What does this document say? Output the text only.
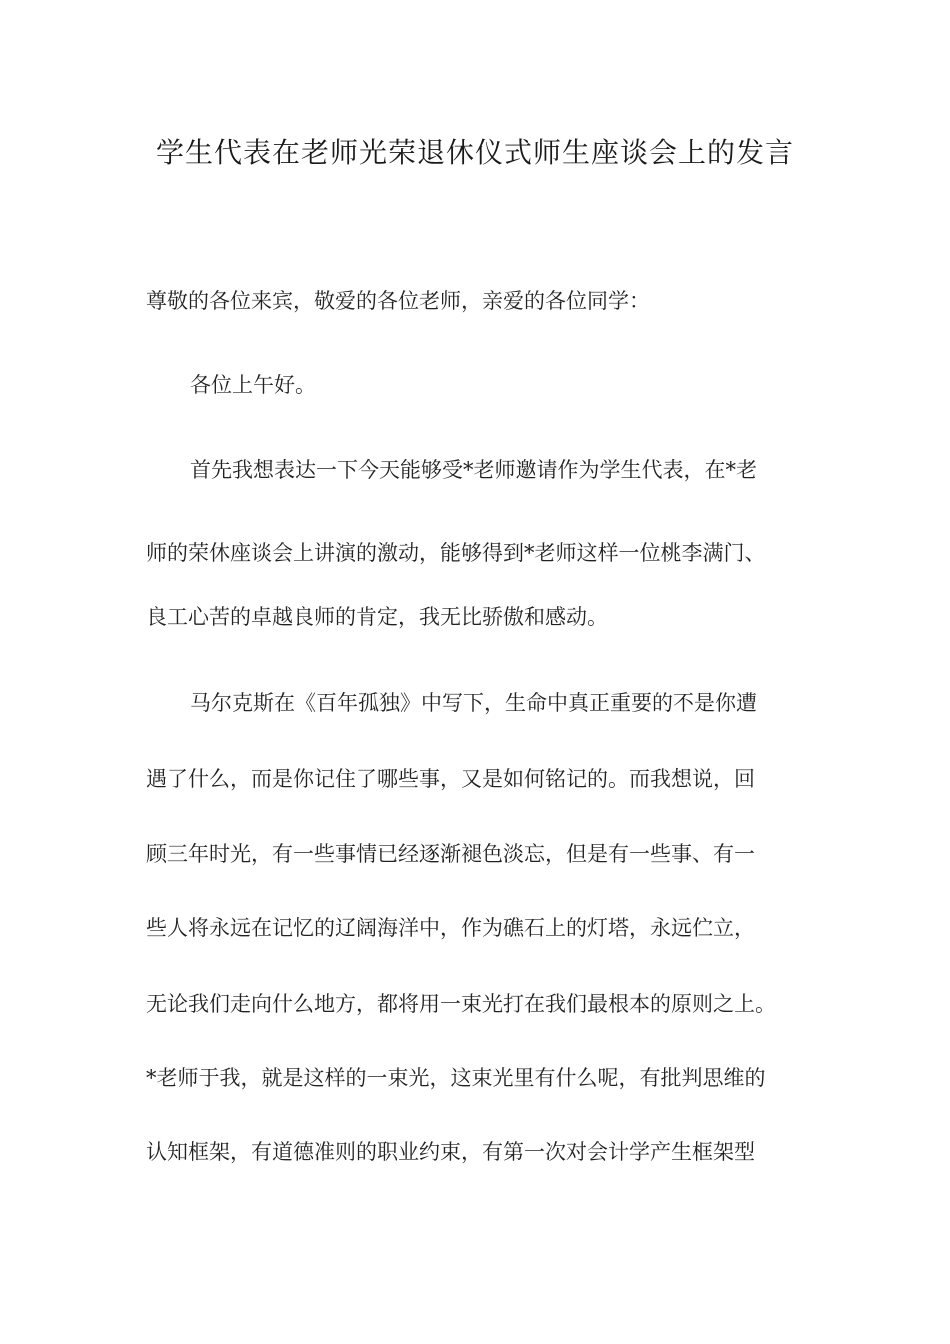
学生代表在老师光荣退休仪式师生座谈会上的发言
尊敬的各位来宾，敬爱的各位老师，亲爱的各位同学：
各位上午好。
首先我想表达一下今天能够受*老师邀请作为学生代表，在*老
师的荣休座谈会上讲演的激动，能够得到*老师这样一位桃李满门、
良工心苦的卓越良师的肯定，我无比骄傲和感动。
马尔克斯在《百年孤独》中写下，生命中真正重要的不是你遭
遇了什么，而是你记住了哪些事，又是如何铭记的。而我想说，回
顾三年时光，有一些事情已经逐渐褪色淡忘，但是有一些事、有一
些人将永远在记忆的辽阔海洋中，作为礁石上的灯塔，永远伫立，
无论我们走向什么地方，都将用一束光打在我们最根本的原则之上。
*老师于我，就是这样的一束光，这束光里有什么呢，有批判思维的
认知框架，有道德准则的职业约束，有第一次对会计学产生框架型
